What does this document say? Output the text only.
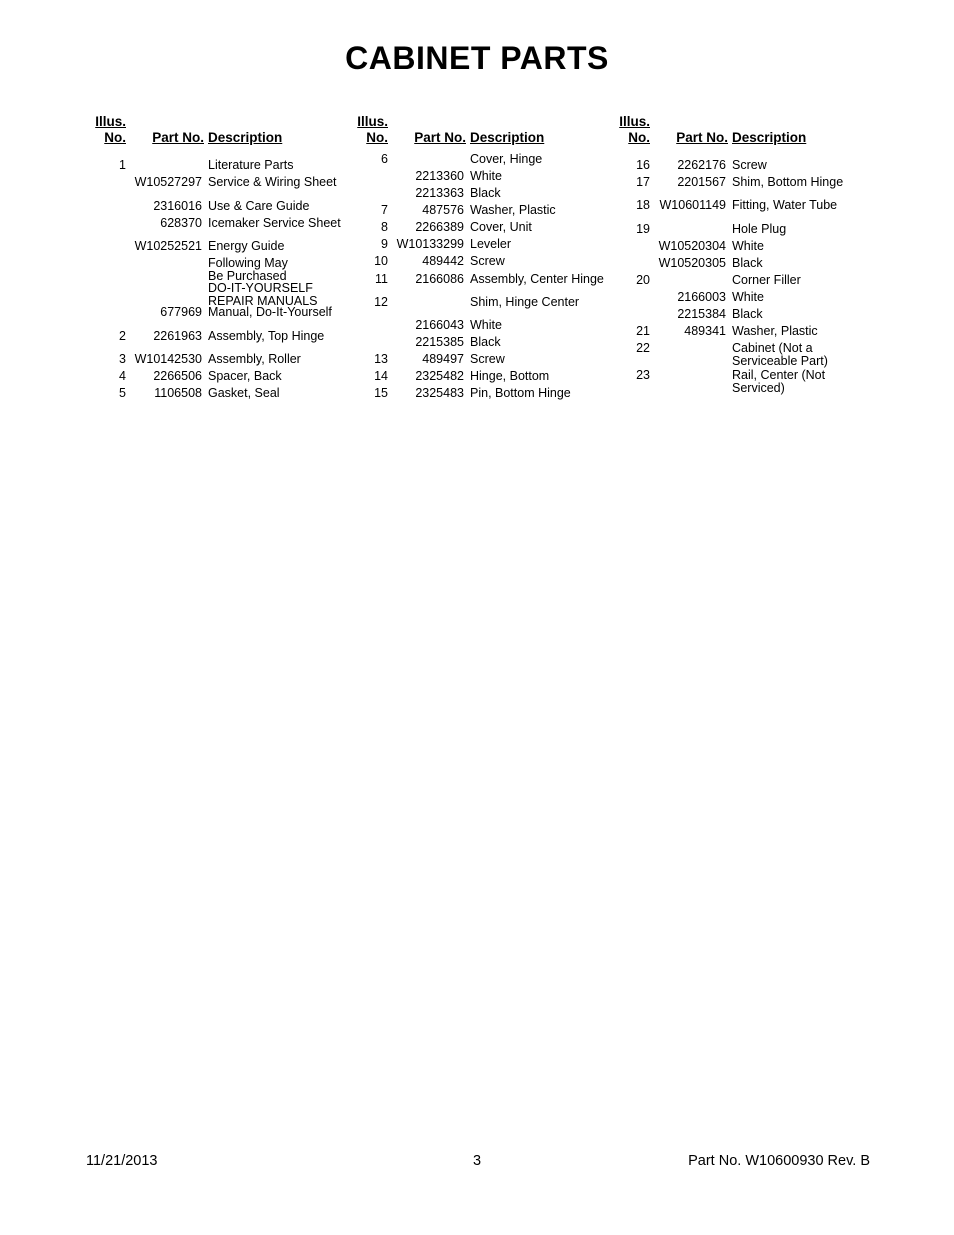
CABINET PARTS
Illus.
No.	Part No. Description
1	Literature Parts
W10527297 Service & Wiring Sheet
2316016 Use & Care Guide
628370 Icemaker Service Sheet
W10252521 Energy Guide
Following May
Be Purchased
DO-IT-YOURSELF
REPAIR MANUALS
677969 Manual, Do-It-Yourself
2	2261963 Assembly, Top Hinge
3 W10142530 Assembly, Roller
4	2266506 Spacer, Back
5	1106508 Gasket, Seal
Illus.
No.	Part No. Description
6	Cover, Hinge
2213360 White
2213363 Black
7	487576 Washer, Plastic
8	2266389 Cover, Unit
9 W10133299 Leveler
10	489442 Screw
11	2166086 Assembly, Center Hinge
12	Shim, Hinge Center
2166043 White
2215385 Black
13	489497 Screw
14	2325482 Hinge, Bottom
15	2325483 Pin, Bottom Hinge
Illus.
No.	Part No. Description
16	2262176 Screw
17	2201567 Shim, Bottom Hinge
18 W10601149 Fitting, Water Tube
19	Hole Plug
W10520304 White
W10520305 Black
20	Corner Filler
2166003 White
2215384 Black
21	489341 Washer, Plastic
22	Cabinet (Not a
Serviceable Part)
23	Rail, Center (Not
Serviced)
11/21/2013	3	Part No. W10600930 Rev. B
